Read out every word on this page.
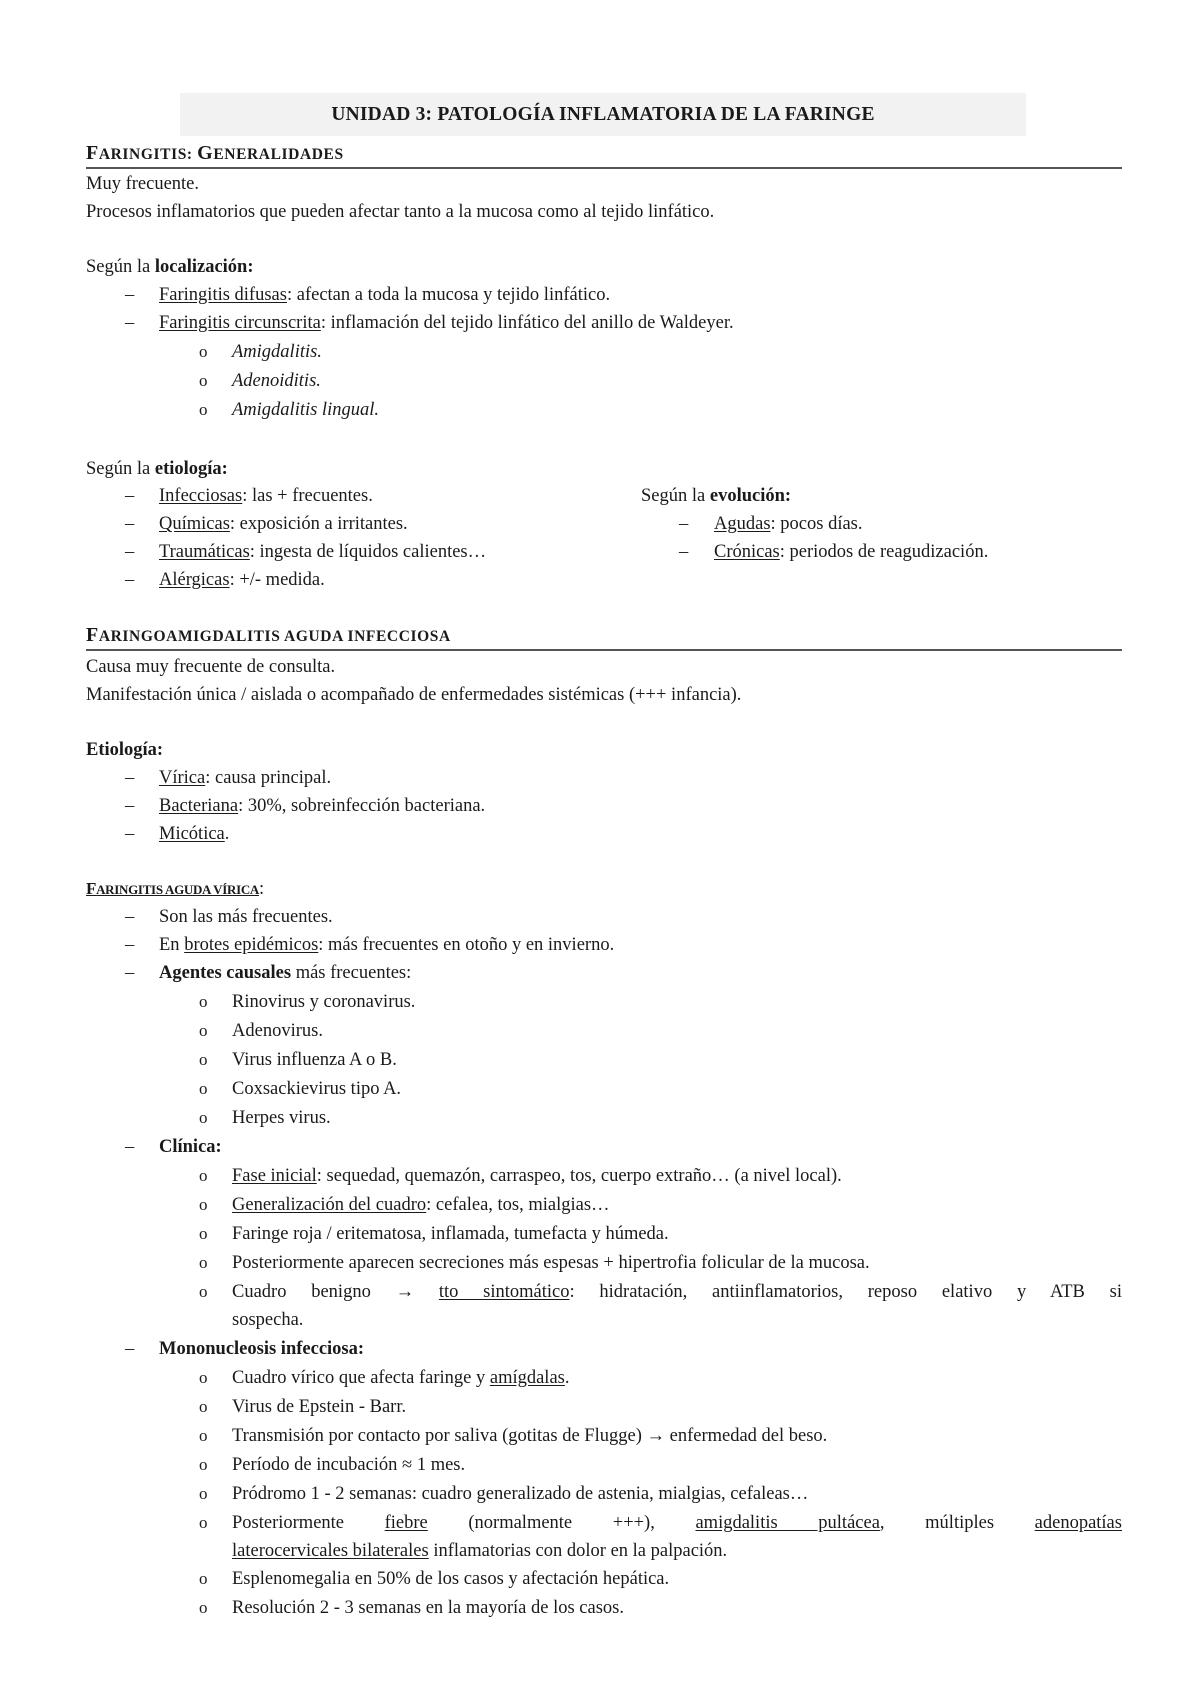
UNIDAD 3: PATOLOGÍA INFLAMATORIA DE LA FARINGE
FARINGITIS: GENERALIDADES
Muy frecuente.
Procesos inflamatorios que pueden afectar tanto a la mucosa como al tejido linfático.
Según la localización:
– Faringitis difusas: afectan a toda la mucosa y tejido linfático.
– Faringitis circunscrita: inflamación del tejido linfático del anillo de Waldeyer.
o Amigdalitis.
o Adenoiditis.
o Amigdalitis lingual.
Según la etiología:
– Infecciosas: las + frecuentes.
– Químicas: exposición a irritantes.
– Traumáticas: ingesta de líquidos calientes…
– Alérgicas: +/- medida.
Según la evolución:
– Agudas: pocos días.
– Crónicas: periodos de reagudización.
FARINGOAMIGDALITIS AGUDA INFECCIOSA
Causa muy frecuente de consulta.
Manifestación única / aislada o acompañado de enfermedades sistémicas (+++ infancia).
Etiología:
– Vírica: causa principal.
– Bacteriana: 30%, sobreinfección bacteriana.
– Micótica.
FARINGITIS AGUDA VÍRICA:
– Son las más frecuentes.
– En brotes epidémicos: más frecuentes en otoño y en invierno.
– Agentes causales más frecuentes:
o Rinovirus y coronavirus.
o Adenovirus.
o Virus influenza A o B.
o Coxsackievirus tipo A.
o Herpes virus.
– Clínica:
o Fase inicial: sequedad, quemazón, carraspeo, tos, cuerpo extraño… (a nivel local).
o Generalización del cuadro: cefalea, tos, mialgias…
o Faringe roja / eritematosa, inflamada, tumefacta y húmeda.
o Posteriormente aparecen secreciones más espesas + hipertrofia folicular de la mucosa.
o Cuadro benigno → tto sintomático: hidratación, antiinflamatorios, reposo elativo y ATB si
sospecha.
– Mononucleosis infecciosa:
o Cuadro vírico que afecta faringe y amígdalas.
o Virus de Epstein - Barr.
o Transmisión por contacto por saliva (gotitas de Flugge) → enfermedad del beso.
o Período de incubación ≈ 1 mes.
o Pródromo 1 - 2 semanas: cuadro generalizado de astenia, mialgias, cefaleas…
o Posteriormente fiebre (normalmente +++), amigdalitis pultácea, múltiples adenopatías
laterocervicales bilaterales inflamatorias con dolor en la palpación.
o Esplenomegalia en 50% de los casos y afectación hepática.
o Resolución 2 - 3 semanas en la mayoría de los casos.
